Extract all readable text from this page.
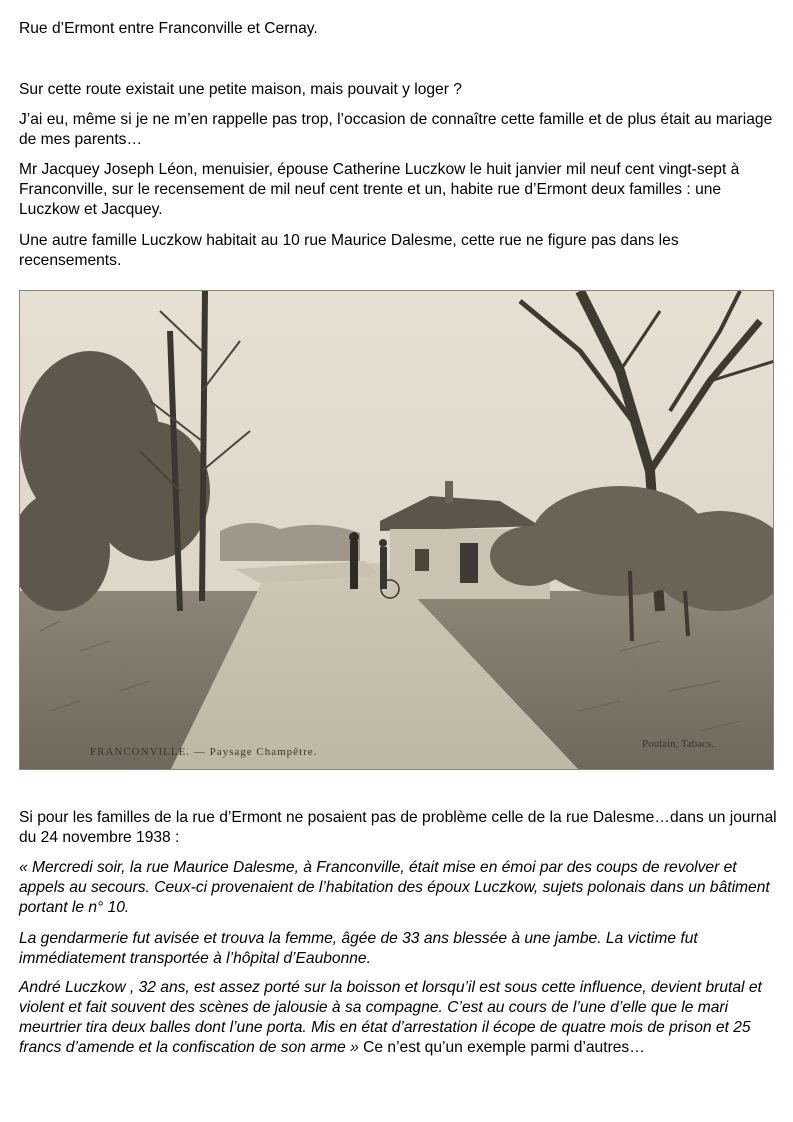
Rue d’Ermont entre Franconville et Cernay.

Sur cette route existait une petite maison, mais pouvait y loger ?

J’ai eu, même si je ne m’en rappelle pas trop, l’occasion de connaître cette famille et de plus était au mariage de mes parents…

Mr Jacquey Joseph Léon, menuisier, épouse Catherine Luczkow le huit janvier mil neuf cent vingt-sept à Franconville, sur le recensement de mil neuf cent trente et un, habite rue d’Ermont deux familles : une Luczkow et Jacquey.

Une autre famille Luczkow habitait au 10 rue Maurice Dalesme, cette rue ne figure pas dans les recensements.

FRANCONVILLE. — Paysage Champêtre.
Poulain, Tabacs.

Si pour les familles de la rue d’Ermont ne posaient pas de problème celle de la rue Dalesme…dans un journal du 24 novembre 1938 :

« Mercredi soir, la rue Maurice Dalesme, à Franconville, était mise en émoi par des coups de revolver et appels au secours. Ceux-ci provenaient de l’habitation des époux Luczkow, sujets polonais dans un bâtiment portant le n° 10.

La gendarmerie fut avisée et trouva la femme, âgée de 33 ans blessée à une jambe. La victime fut immédiatement transportée à l’hôpital d’Eaubonne.

André Luczkow , 32 ans, est assez porté sur la boisson et lorsqu’il est sous cette influence, devient brutal et violent et fait souvent des scènes de jalousie à sa compagne. C’est au cours de l’une d’elle que le mari meurtrier tira deux balles dont l’une porta. Mis en état d’arrestation il écope de quatre mois de prison et 25 francs d’amende et la confiscation de son arme » Ce n’est qu’un exemple parmi d’autres…
